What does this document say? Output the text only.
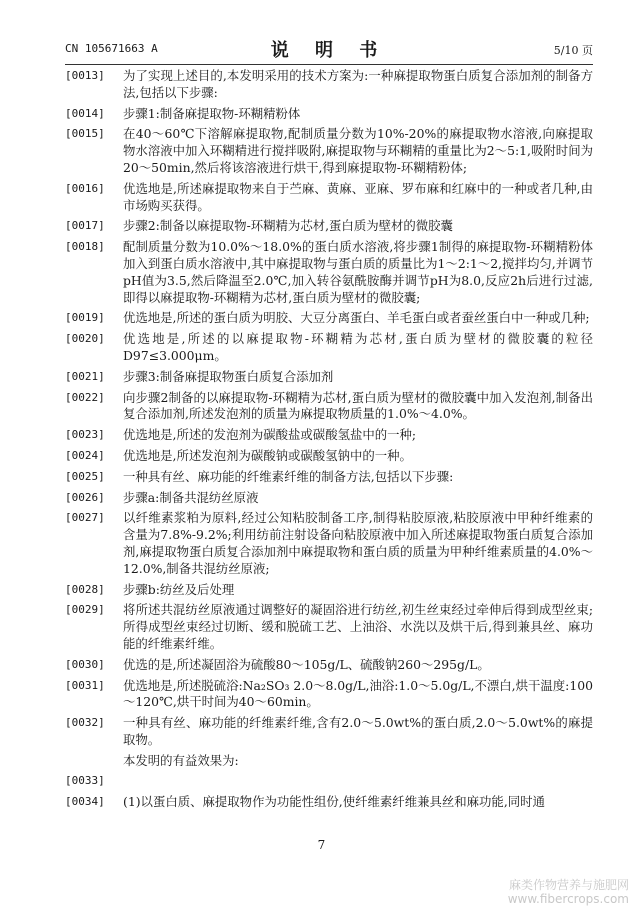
CN 105671663 A	说 明 书	5/10 页
[0013]	为了实现上述目的,本发明采用的技术方案为:一种麻提取物蛋白质复合添加剂的制备方法,包括以下步骤:
[0014]	步骤1:制备麻提取物-环糊精粉体
[0015]	在40～60℃下溶解麻提取物,配制质量分数为10%-20%的麻提取物水溶液,向麻提取物水溶液中加入环糊精进行搅拌吸附,麻提取物与环糊精的重量比为2～5:1,吸附时间为20～50min,然后将该溶液进行烘干,得到麻提取物-环糊精粉体;
[0016]	优选地是,所述麻提取物来自于苎麻、黄麻、亚麻、罗布麻和红麻中的一种或者几种,由市场购买获得。
[0017]	步骤2:制备以麻提取物-环糊精为芯材,蛋白质为壁材的微胶囊
[0018]	配制质量分数为10.0%～18.0%的蛋白质水溶液,将步骤1制得的麻提取物-环糊精粉体加入到蛋白质水溶液中,其中麻提取物与蛋白质的质量比为1～2:1～2,搅拌均匀,并调节pH值为3.5,然后降温至2.0℃,加入转谷氨酰胺酶并调节pH为8.0,反应2h后进行过滤,即得以麻提取物-环糊精为芯材,蛋白质为壁材的微胶囊;
[0019]	优选地是,所述的蛋白质为明胶、大豆分离蛋白、羊毛蛋白或者蚕丝蛋白中一种或几种;
[0020]	优选地是,所述的以麻提取物-环糊精为芯材,蛋白质为壁材的微胶囊的粒径D97≤3.000μm。
[0021]	步骤3:制备麻提取物蛋白质复合添加剂
[0022]	向步骤2制备的以麻提取物-环糊精为芯材,蛋白质为壁材的微胶囊中加入发泡剂,制备出复合添加剂,所述发泡剂的质量为麻提取物质量的1.0%～4.0%。
[0023]	优选地是,所述的发泡剂为碳酸盐或碳酸氢盐中的一种;
[0024]	优选地是,所述发泡剂为碳酸钠或碳酸氢钠中的一种。
[0025]	一种具有丝、麻功能的纤维素纤维的制备方法,包括以下步骤:
[0026]	步骤a:制备共混纺丝原液
[0027]	以纤维素浆粕为原料,经过公知粘胶制备工序,制得粘胶原液,粘胶原液中甲种纤维素的含量为7.8%-9.2%;利用纺前注射设备向粘胶原液中加入所述麻提取物蛋白质复合添加剂,麻提取物蛋白质复合添加剂中麻提取物和蛋白质的质量为甲种纤维素质量的4.0%～12.0%,制备共混纺丝原液;
[0028]	步骤b:纺丝及后处理
[0029]	将所述共混纺丝原液通过调整好的凝固浴进行纺丝,初生丝束经过牵伸后得到成型丝束;所得成型丝束经过切断、缓和脱硫工艺、上油浴、水洗以及烘干后,得到兼具丝、麻功能的纤维素纤维。
[0030]	优选的是,所述凝固浴为硫酸80～105g/L、硫酸钠260～295g/L。
[0031]	优选地是,所述脱硫浴:Na₂SO₃ 2.0～8.0g/L,油浴:1.0～5.0g/L,不漂白,烘干温度:100～120℃,烘干时间为40～60min。
[0032]	一种具有丝、麻功能的纤维素纤维,含有2.0～5.0wt%的蛋白质,2.0～5.0wt%的麻提取物。
本发明的有益效果为:
[0033]
[0034]	(1)以蛋白质、麻提取物作为功能性组份,使纤维素纤维兼具丝和麻功能,同时通
7
麻类作物营养与施肥网
www.fibercrops.com
